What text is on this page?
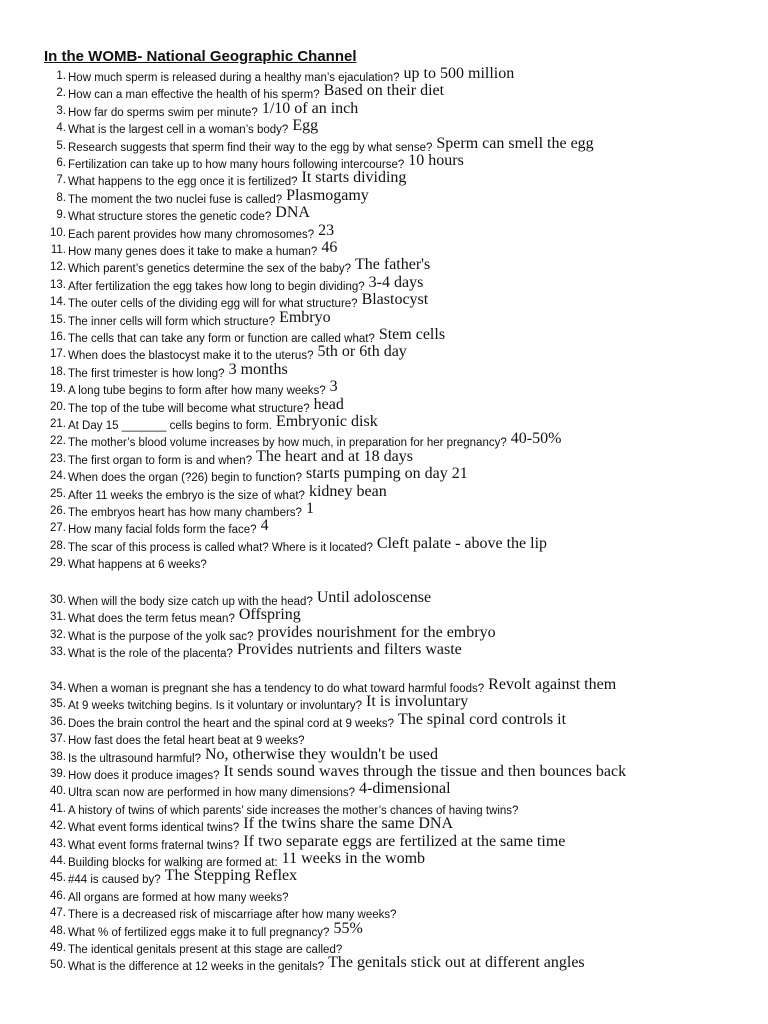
In the WOMB- National Geographic Channel
1. How much sperm is released during a healthy man’s ejaculation? up to 500 million
2. How can a man effective the health of his sperm? Based on their diet
3. How far do sperms swim per minute? 1/10 of an inch
4. What is the largest cell in a woman’s body? Egg
5. Research suggests that sperm find their way to the egg by what sense? Sperm can smell the egg
6. Fertilization can take up to how many hours following intercourse? 10 hours
7. What happens to the egg once it is fertilized? It starts dividing
8. The moment the two nuclei fuse is called? Plasmogamy
9. What structure stores the genetic code? DNA
10. Each parent provides how many chromosomes? 23
11. How many genes does it take to make a human? 46
12. Which parent’s genetics determine the sex of the baby? The father's
13. After fertilization the egg takes how long to begin dividing? 3-4 days
14. The outer cells of the dividing egg will for what structure? Blastocyst
15. The inner cells will form which structure? Embryo
16. The cells that can take any form or function are called what? Stem cells
17. When does the blastocyst make it to the uterus? 5th or 6th day
18. The first trimester is how long? 3 months
19. A long tube begins to form after how many weeks? 3
20. The top of the tube will become what structure? head
21. At Day 15 _______ cells begins to form. Embryonic disk
22. The mother’s blood volume increases by how much, in preparation for her pregnancy? 40-50%
23. The first organ to form is and when? The heart and at 18 days
24. When does the organ (?26) begin to function? starts pumping on day 21
25. After 11 weeks the embryo is the size of what? kidney bean
26. The embryos heart has how many chambers? 1
27. How many facial folds form the face? 4
28. The scar of this process is called what? Where is it located? Cleft palate - above the lip
29. What happens at 6 weeks?
30. When will the body size catch up with the head? Until adoloscense
31. What does the term fetus mean? Offspring
32. What is the purpose of the yolk sac? provides nourishment for the embryo
33. What is the role of the placenta? Provides nutrients and filters waste
34. When a woman is pregnant she has a tendency to do what toward harmful foods? Revolt against them
35. At 9 weeks twitching begins. Is it voluntary or involuntary? It is involuntary
36. Does the brain control the heart and the spinal cord at 9 weeks? The spinal cord controls it
37. How fast does the fetal heart beat at 9 weeks?
38. Is the ultrasound harmful? No, otherwise they wouldn't be used
39. How does it produce images? It sends sound waves through the tissue and then bounces back
40. Ultra scan now are performed in how many dimensions? 4-dimensional
41. A history of twins of which parents’ side increases the mother’s chances of having twins?
42. What event forms identical twins? If the twins share the same DNA
43. What event forms fraternal twins? If two separate eggs are fertilized at the same time
44. Building blocks for walking are formed at: 11 weeks in the womb
45. #44 is caused by? The Stepping Reflex
46. All organs are formed at how many weeks?
47. There is a decreased risk of miscarriage after how many weeks?
48. What % of fertilized eggs make it to full pregnancy? 55%
49. The identical genitals present at this stage are called?
50. What is the difference at 12 weeks in the genitals? The genitals stick out at different angles
